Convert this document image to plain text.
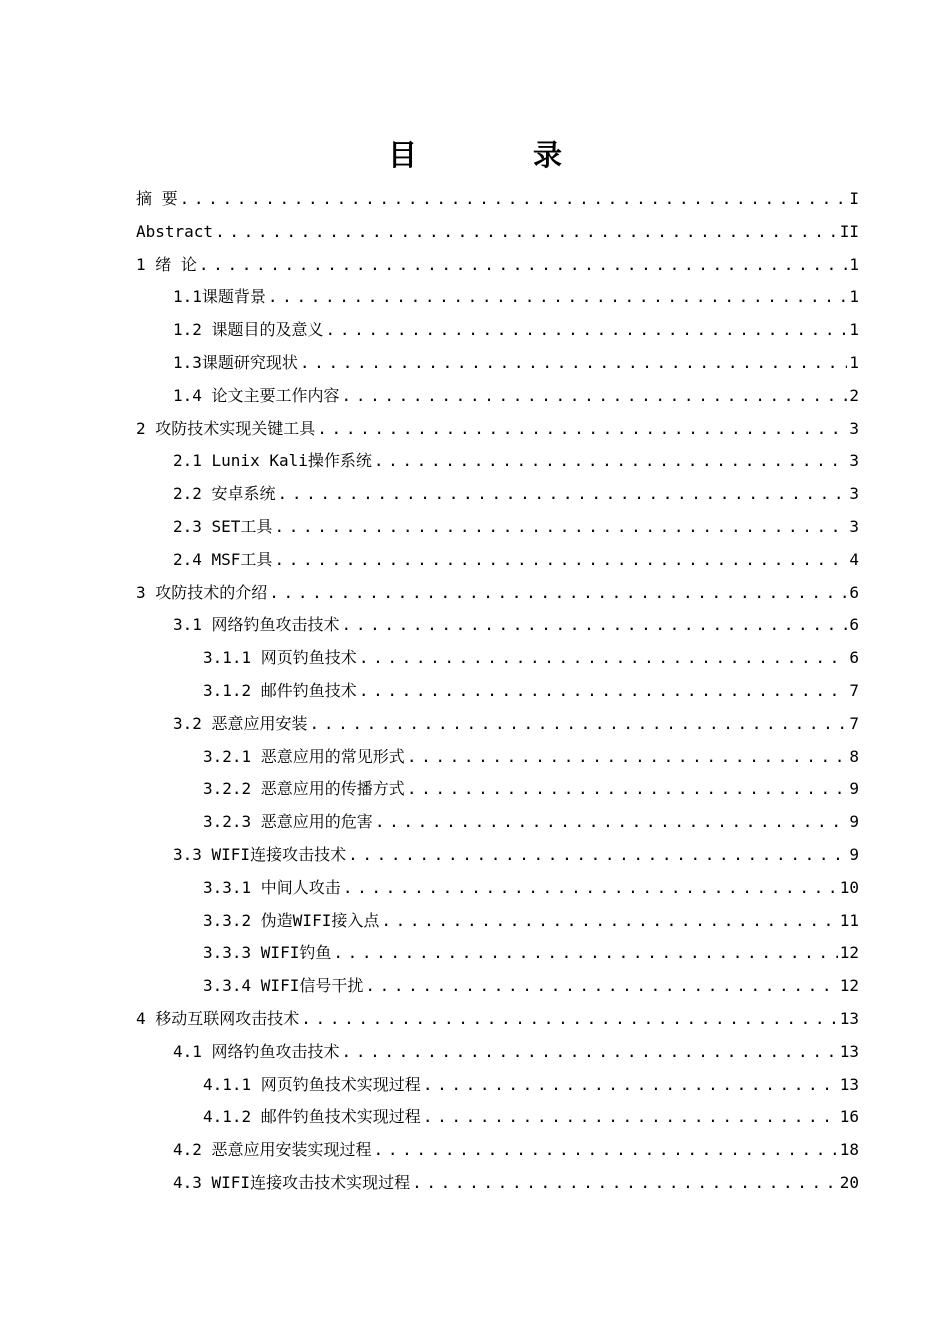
目 录
摘 要 . . .	I
Abstract . . .	II
1 绪 论 . . .	1
1.1课题背景 . . .	1
1.2 课题目的及意义 . . .	1
1.3课题研究现状 . . .	1
1.4 论文主要工作内容 . . .	2
2 攻防技术实现关键工具 . . .	3
2.1 Lunix Kali操作系统 . . .	3
2.2 安卓系统 . . .	3
2.3 SET工具 . . .	3
2.4 MSF工具 . . .	4
3 攻防技术的介绍 . . .	6
3.1 网络钓鱼攻击技术 . . .	6
3.1.1 网页钓鱼技术 . . .	6
3.1.2 邮件钓鱼技术 . . .	7
3.2 恶意应用安装 . . .	7
3.2.1 恶意应用的常见形式 . . .	8
3.2.2 恶意应用的传播方式 . . .	9
3.2.3 恶意应用的危害 . . .	9
3.3 WIFI连接攻击技术 . . .	9
3.3.1 中间人攻击 . . .	10
3.3.2 伪造WIFI接入点 . . .	11
3.3.3 WIFI钓鱼 . . .	12
3.3.4 WIFI信号干扰 . . .	12
4 移动互联网攻击技术 . . .	13
4.1 网络钓鱼攻击技术 . . .	13
4.1.1 网页钓鱼技术实现过程 . . .	13
4.1.2 邮件钓鱼技术实现过程 . . .	16
4.2 恶意应用安装实现过程 . . .	18
4.3 WIFI连接攻击技术实现过程 . . .	20
